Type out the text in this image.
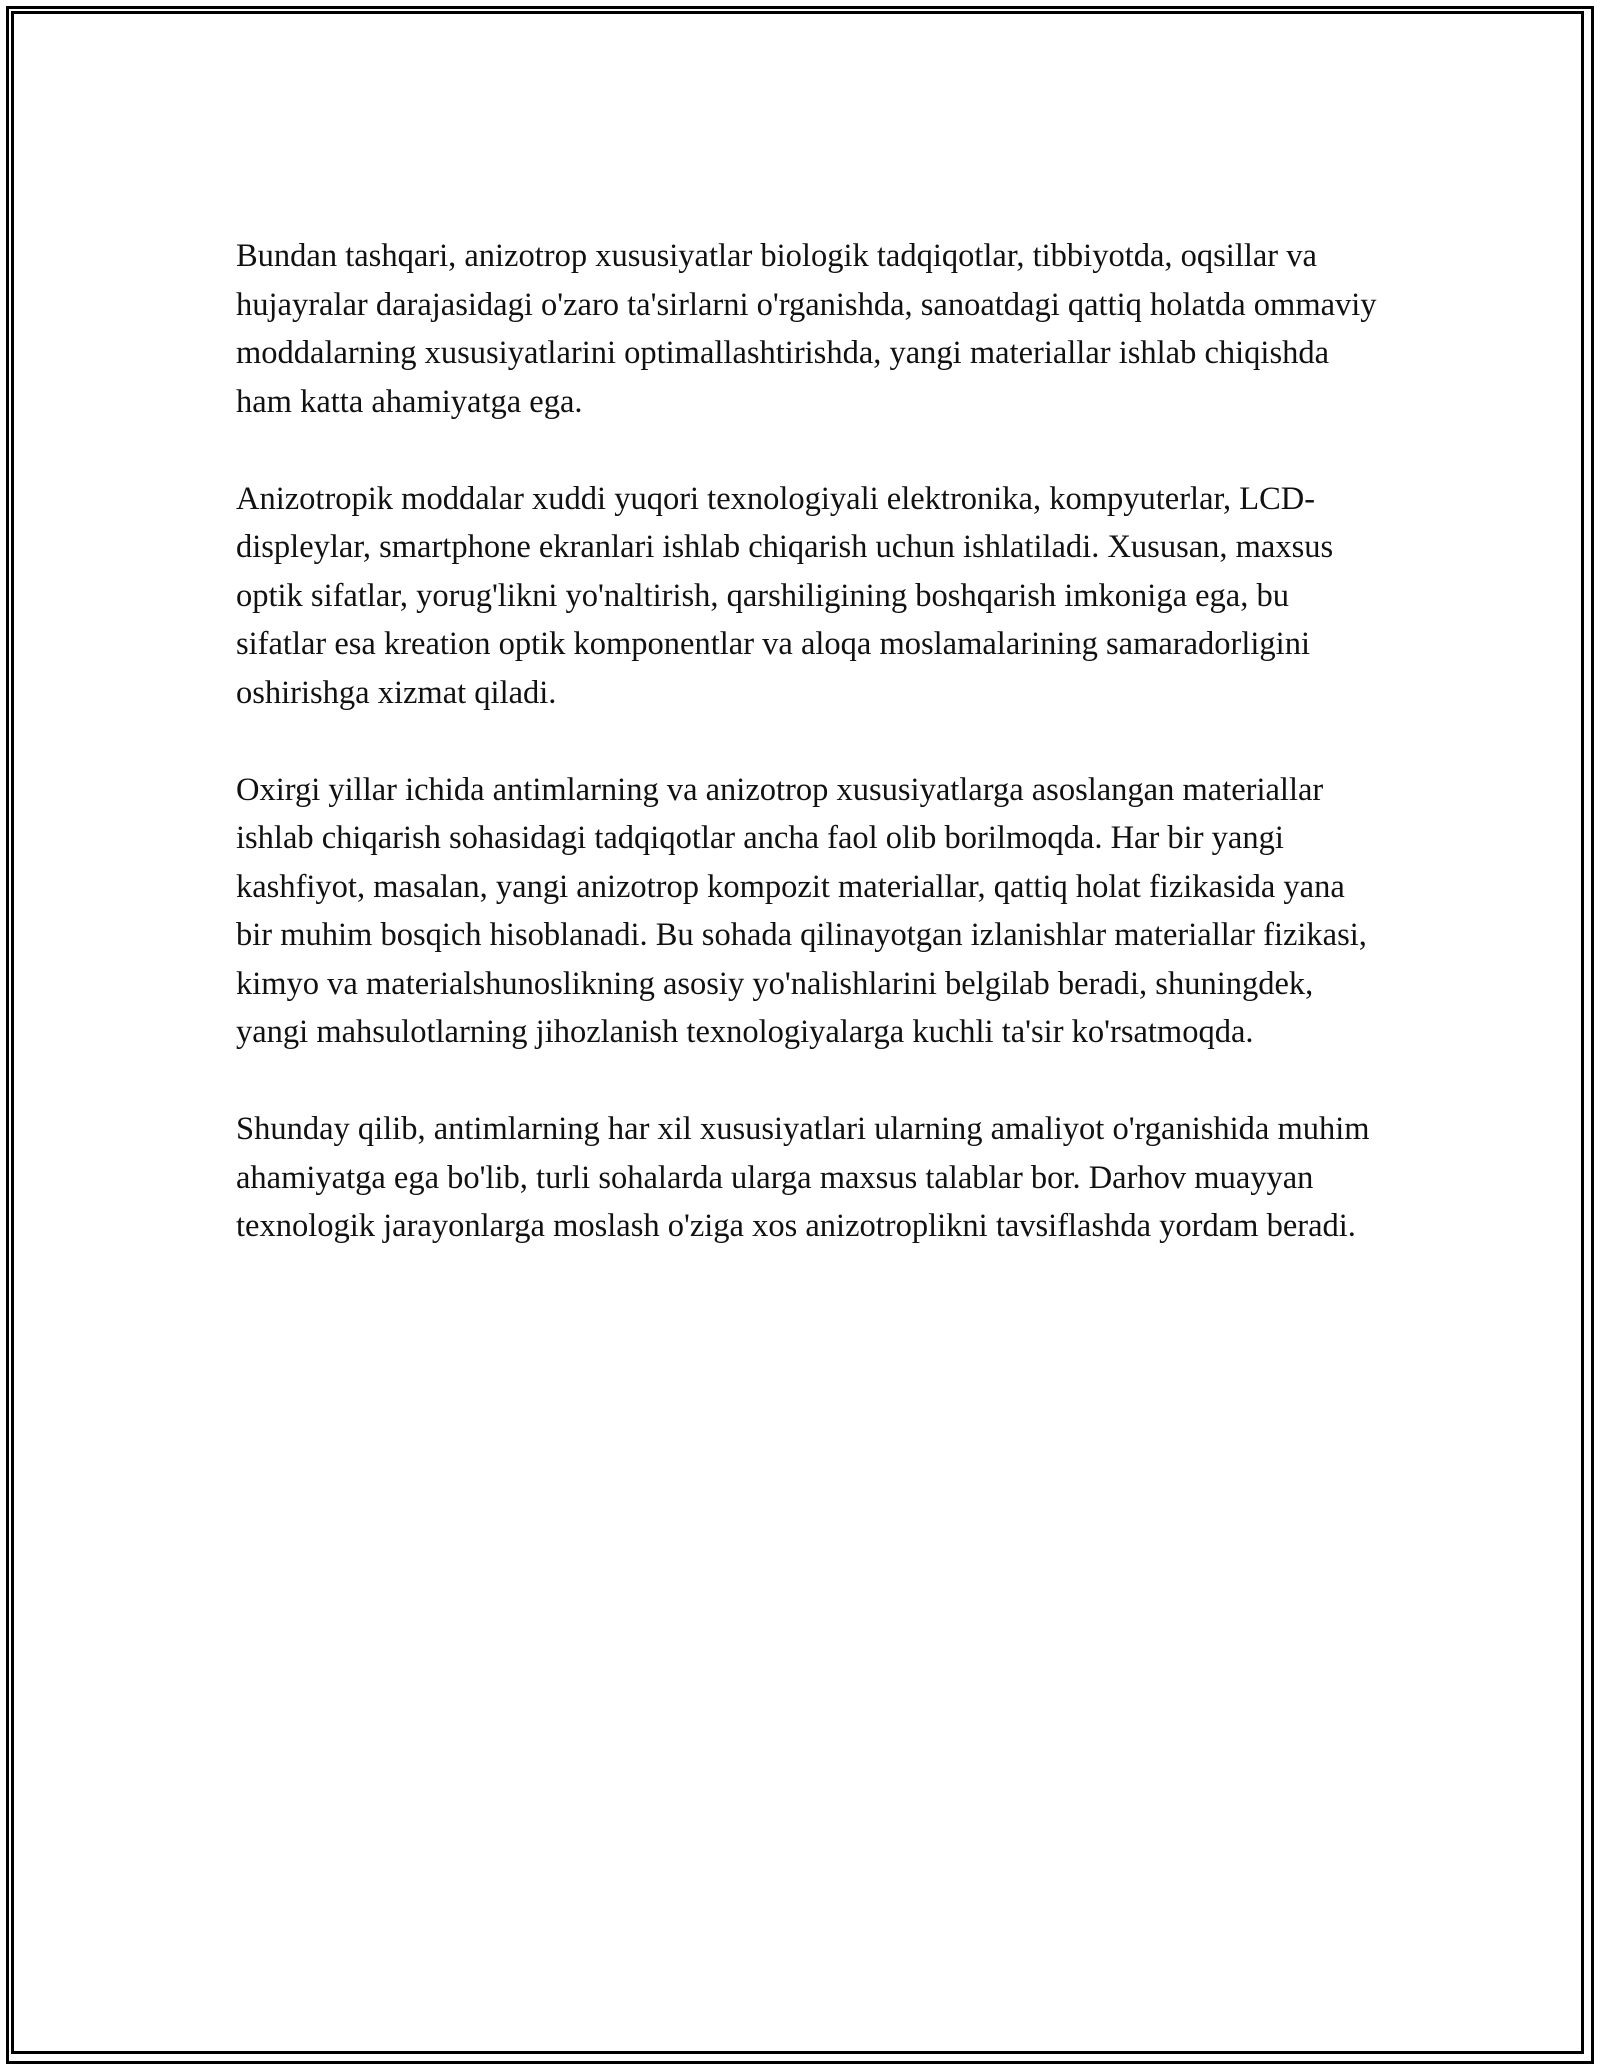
Bundan tashqari, anizotrop xususiyatlar biologik tadqiqotlar, tibbiyotda, oqsillar va hujayralar darajasidagi o'zaro ta'sirlarni o'rganishda, sanoatdagi qattiq holatda ommaviy moddalarning xususiyatlarini optimallashtirishda, yangi materiallar ishlab chiqishda ham katta ahamiyatga ega.

Anizotropik moddalar xuddi yuqori texnologiyali elektronika, kompyuterlar, LCD-displeylar, smartphone ekranlari ishlab chiqarish uchun ishlatiladi. Xususan, maxsus optik sifatlar, yorug'likni yo'naltirish, qarshiligining boshqarish imkoniga ega, bu sifatlar esa kreation optik komponentlar va aloqa moslamalarining samaradorligini oshirishga xizmat qiladi.

Oxirgi yillar ichida antimlarning va anizotrop xususiyatlarga asoslangan materiallar ishlab chiqarish sohasidagi tadqiqotlar ancha faol olib borilmoqda. Har bir yangi kashfiyot, masalan, yangi anizotrop kompozit materiallar, qattiq holat fizikasida yana bir muhim bosqich hisoblanadi. Bu sohada qilinayotgan izlanishlar materiallar fizikasi, kimyo va materialshunoslikning asosiy yo'nalishlarini belgilab beradi, shuningdek, yangi mahsulotlarning jihozlanish texnologiyalarga kuchli ta'sir ko'rsatmoqda.

Shunday qilib, antimlarning har xil xususiyatlari ularning amaliyot o'rganishida muhim ahamiyatga ega bo'lib, turli sohalarda ularga maxsus talablar bor. Darhov muayyan texnologik jarayonlarga moslash o'ziga xos anizotroplikni tavsiflashda yordam beradi.
